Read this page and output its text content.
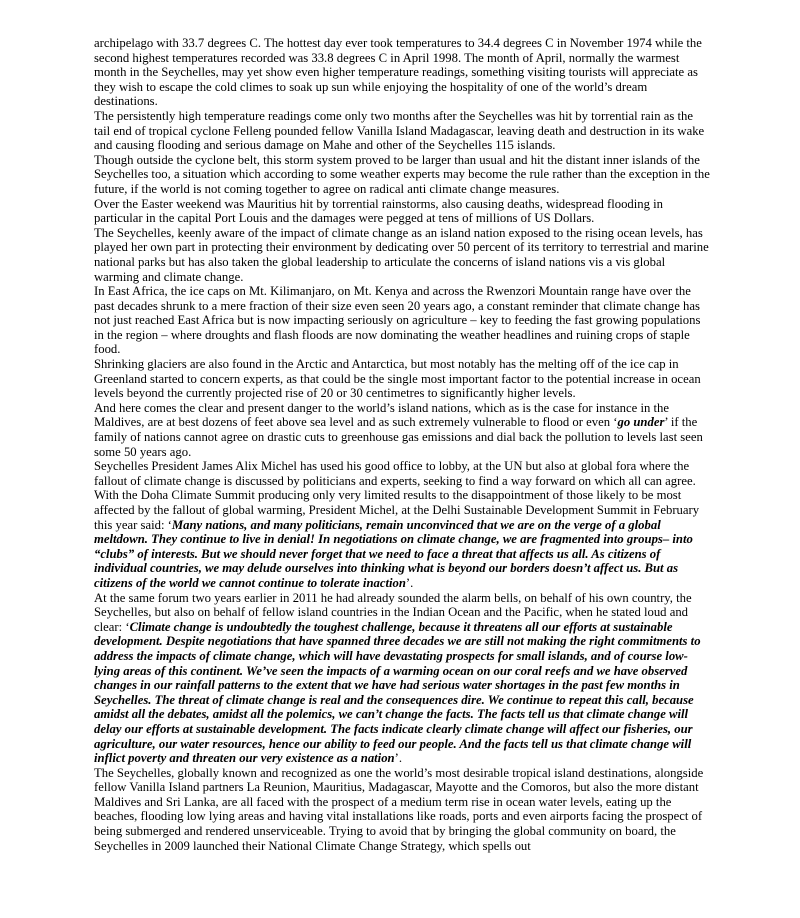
archipelago with 33.7 degrees C. The hottest day ever took temperatures to 34.4 degrees C in November 1974 while the second highest temperatures recorded was 33.8 degrees C in April 1998. The month of April, normally the warmest month in the Seychelles, may yet show even higher temperature readings, something visiting tourists will appreciate as they wish to escape the cold climes to soak up sun while enjoying the hospitality of one of the world’s dream destinations.

The persistently high temperature readings come only two months after the Seychelles was hit by torrential rain as the tail end of tropical cyclone Felleng pounded fellow Vanilla Island Madagascar, leaving death and destruction in its wake and causing flooding and serious damage on Mahe and other of the Seychelles 115 islands.

Though outside the cyclone belt, this storm system proved to be larger than usual and hit the distant inner islands of the Seychelles too, a situation which according to some weather experts may become the rule rather than the exception in the future, if the world is not coming together to agree on radical anti climate change measures.

Over the Easter weekend was Mauritius hit by torrential rainstorms, also causing deaths, widespread flooding in particular in the capital Port Louis and the damages were pegged at tens of millions of US Dollars.

The Seychelles, keenly aware of the impact of climate change as an island nation exposed to the rising ocean levels, has played her own part in protecting their environment by dedicating over 50 percent of its territory to terrestrial and marine national parks but has also taken the global leadership to articulate the concerns of island nations vis a vis global warming and climate change.

In East Africa, the ice caps on Mt. Kilimanjaro, on Mt. Kenya and across the Rwenzori Mountain range have over the past decades shrunk to a mere fraction of their size even seen 20 years ago, a constant reminder that climate change has not just reached East Africa but is now impacting seriously on agriculture – key to feeding the fast growing populations in the region – where droughts and flash floods are now dominating the weather headlines and ruining crops of staple food.

Shrinking glaciers are also found in the Arctic and Antarctica, but most notably has the melting off of the ice cap in Greenland started to concern experts, as that could be the single most important factor to the potential increase in ocean levels beyond the currently projected rise of 20 or 30 centimetres to significantly higher levels.

And here comes the clear and present danger to the world’s island nations, which as is the case for instance in the Maldives, are at best dozens of feet above sea level and as such extremely vulnerable to flood or even ‘go under’ if the family of nations cannot agree on drastic cuts to greenhouse gas emissions and dial back the pollution to levels last seen some 50 years ago.

Seychelles President James Alix Michel has used his good office to lobby, at the UN but also at global fora where the fallout of climate change is discussed by politicians and experts, seeking to find a way forward on which all can agree. With the Doha Climate Summit producing only very limited results to the disappointment of those likely to be most affected by the fallout of global warming, President Michel, at the Delhi Sustainable Development Summit in February this year said: ‘Many nations, and many politicians, remain unconvinced that we are on the verge of a global meltdown. They continue to live in denial! In negotiations on climate change, we are fragmented into groups– into “clubs” of interests. But we should never forget that we need to face a threat that affects us all. As citizens of individual countries, we may delude ourselves into thinking what is beyond our borders doesn’t affect us. But as citizens of the world we cannot continue to tolerate inaction’.

At the same forum two years earlier in 2011 he had already sounded the alarm bells, on behalf of his own country, the Seychelles, but also on behalf of fellow island countries in the Indian Ocean and the Pacific, when he stated loud and clear: ‘Climate change is undoubtedly the toughest challenge, because it threatens all our efforts at sustainable development. Despite negotiations that have spanned three decades we are still not making the right commitments to address the impacts of climate change, which will have devastating prospects for small islands, and of course low-lying areas of this continent. We’ve seen the impacts of a warming ocean on our coral reefs and we have observed changes in our rainfall patterns to the extent that we have had serious water shortages in the past few months in Seychelles. The threat of climate change is real and the consequences dire. We continue to repeat this call, because amidst all the debates, amidst all the polemics, we can’t change the facts. The facts tell us that climate change will delay our efforts at sustainable development. The facts indicate clearly climate change will affect our fisheries, our agriculture, our water resources, hence our ability to feed our people. And the facts tell us that climate change will inflict poverty and threaten our very existence as a nation’.

The Seychelles, globally known and recognized as one the world’s most desirable tropical island destinations, alongside fellow Vanilla Island partners La Reunion, Mauritius, Madagascar, Mayotte and the Comoros, but also the more distant Maldives and Sri Lanka, are all faced with the prospect of a medium term rise in ocean water levels, eating up the beaches, flooding low lying areas and having vital installations like roads, ports and even airports facing the prospect of being submerged and rendered unserviceable. Trying to avoid that by bringing the global community on board, the Seychelles in 2009 launched their National Climate Change Strategy, which spells out
